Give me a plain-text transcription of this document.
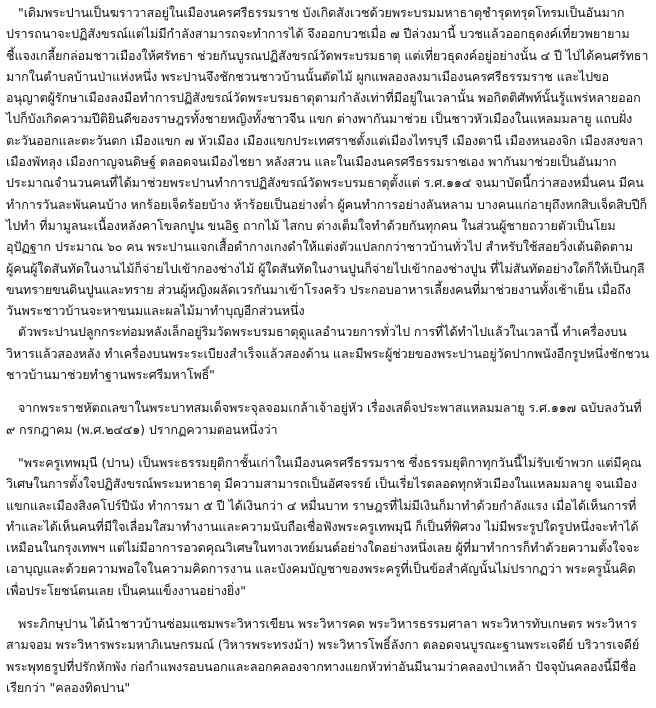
"เดิมพระปานเป็นฆราวาสอยู่ในเมืองนครศรีธรรมราช บังเกิดสังเวชด้วยพระบรมมหาธาตุชำรุดทรุดโทรมเป็นอันมาก ปรารถนาจะปฏิสังขรณ์แต่ไม่มีกำลังสามารถจะทำการได้ จึงออกบวชเมื่อ ๗ ปีล่วงมานี้ บวชแล้วออกธุดงค์เที่ยวพยายามชี้แจงเกลี้ยกล่อมชาวเมืองให้ศรัทธา ช่วยกันบูรณปฏิสังขรณ์วัดพระบรมธาตุ แต่เที่ยวธุดงค์อยู่อย่างนั้น ๔ ปี ไป่ได้คนศรัทธามากในตำบลบ้านป่าแห่งหนึ่ง พระปานจึงชักชวนชาวบ้านนั้นตัดไม้ ผูกแพลองลงมาเมืองนครศรีธรรมราช และไปขออนุญาตผู้รักษาเมืองลงมือทำการปฏิสังขรณ์วัดพระบรมธาตุตามกำลังเท่าที่มีอยู่ในเวลานั้น พอกิตติศัพท์นั้นรู้แพร่หลายออกไปก็บังเกิดความปีติยินดีของราษฎรทั้งชายหญิงทั้งชาวจีน แขก ต่างพากันมาช่วย เป็นชาวหัวเมืองในแหลมมลายู แถบฝั่งตะวันออกและตะวันตก เมืองแขก ๗ หัวเมือง เมืองแขกประเทศราชตั้งแต่เมืองไทรบุรี เมืองตานี เมืองหนองจิก เมืองสงขลา เมืองพัทลุง เมืองกาญจนดิษฐ์ ตลอดจนเมืองไชยา หลังสวน และในเมืองนครศรีธรรมราชเอง พากันมาช่วยเป็นอันมากประมาณจำนวนคนที่ได้มาช่วยพระปานทำการปฏิสังขรณ์วัดพระบรมธาตุตั้งแต่ ร.ศ.๑๑๔ จนมาบัดนี้กว่าสองหมื่นคน มีคนทำการวันละพันคนบ้าง หกร้อยเจ็ดร้อยบ้าง ห้าร้อยเป็นอย่างต่ำ ผู้คนทำการอย่างลันหลาม บางคนแก่อายุถึงหกสิบเจ็ดสิบปีก็ไปทำ ที่มามูลนะเนื้องหลังคาโขลกปูน ขนอิฐ ถากไม้ ไสกบ ต่างเต็มใจทำด้วยกันทุกคน ในส่วนผู้ชายถวายตัวเป็นโยมอุปัฏฐาก ประมาณ ๖๐ คน พระปานแจกเสื้อดำกางเกงดำให้แต่งตัวแปลกกว่าชาวบ้านทั่วไป สำหรับใช้สอยวิ่งเต้นติดตามผู้คนผู้ใดสันทัดในงานไม้ก็จ่ายไปเข้ากองช่างไม้ ผู้ใดสันทัดในงานปูนก็จ่ายไปเข้ากองช่างปูน ที่ไม่สันทัดอย่างใดก็ให้เป็นกุลีขนทรายขนดินปูนและทราย ส่วนผู้หญิงผลัดเวรกันมาเข้าโรงครัว ประกอบอาหารเลี้ยงคนที่มาช่วยงานทั้งเช้าเย็น เมื่อถึงวันพระชาวบ้านจะหาขนมและผลไม้มาทำบุญอีกส่วนหนึ่ง

ตัวพระปานปลูกกระท่อมหลังเล็กอยู่ริมวัดพระบรมธาตุดูแลอำนวยการทั่วไป การที่ได้ทำไปแล้วในเวลานี้ ทำเครื่องบนวิหารแล้วสองหลัง ทำเครื่องบนพระระเบียงสำเร็จแล้วสองด้าน และมีพระผู้ช่วยของพระปานอยู่วัดปากพนังอีกรูปหนึ่งชักชวนชาวบ้านมาช่วยทำฐานพระศรีมหาโพธิ์"

จากพระราชหัตถเลขาในพระบาทสมเด็จพระจุลจอมเกล้าเจ้าอยู่หัว เรื่องเสด็จประพาสแหลมมลายู ร.ศ.๑๑๗ ฉบับลงวันที่ ๙ กรกฎาคม (พ.ศ.๒๔๔๑) ปรากฏความตอนหนึ่งว่า

"พระครูเทพมุนี (ปาน) เป็นพระธรรมยุติกาชั้นเก่าในเมืองนครศรีธรรมราช ซึ่งธรรมยุติกาทุกวันนี้ไม่รับเข้าพวก แต่มีคุณวิเศษในการตั้งใจปฏิสังขรณ์พระมหาธาตุ มีความสามารถเป็นอัศจรรย์ เป็นเรี่ยไรตลอดทุกหัวเมืองในแหลมมลายู จนเมืองแขกและเมืองสิงคโปร์ปีนัง ทำการมา ๕ ปี ได้เงินกว่า ๔ หมื่นบาท ราษฎรที่ไม่มีเงินก็มาทำด้วยกำลังแรง เมื่อได้เห็นการที่ทำและได้เห็นคนที่มีใจเลื่อมใสมาทำงานและความนับถือเชื่อฟังพระครูเทพมุนี ก็เป็นที่พิศวง ไม่มีพระรูปใดรูปหนึ่งจะทำได้เหมือนในกรุงเทพฯ แต่ไม่มีอาการอวดคุณวิเศษในทางเวทย์มนต์อย่างใดอย่างหนึ่งเลย ผู้ที่มาทำการก็ทำด้วยความตั้งใจจะเอาบุญและด้วยความพอใจในความคิดการงาน และบังคมบัญชาของพระครูที่เป็นข้อสำคัญนั้นไม่ปรากฏว่า พระครูนั้นคิดเพื่อประโยชน์ตนเลย เป็นคนแข็งงานอย่างยิ่ง"

พระภิกษุปาน ได้นำชาวบ้านซ่อมแซมพระวิหารเขียน พระวิหารคด พระวิหารธรรมศาลา พระวิหารทับเกษตร พระวิหารสามจอม พระวิหารพระมหาภิเนษกรมณ์ (วิหารพระทรงม้า) พระวิหารโพธิ์ลังกา ตลอดจนบูรณะฐานพระเจดีย์ บริวารเจดีย์ พระพุทธรูปที่ปรักหักพัง ก่อกำแพงรอบนอกและลอกคลองจากทางแยกหัวท่าอันมีนามว่าคลองป่าเหล้า ปัจจุบันคลองนี้มีชื่อเรียกว่า "คลองทิดปาน"
